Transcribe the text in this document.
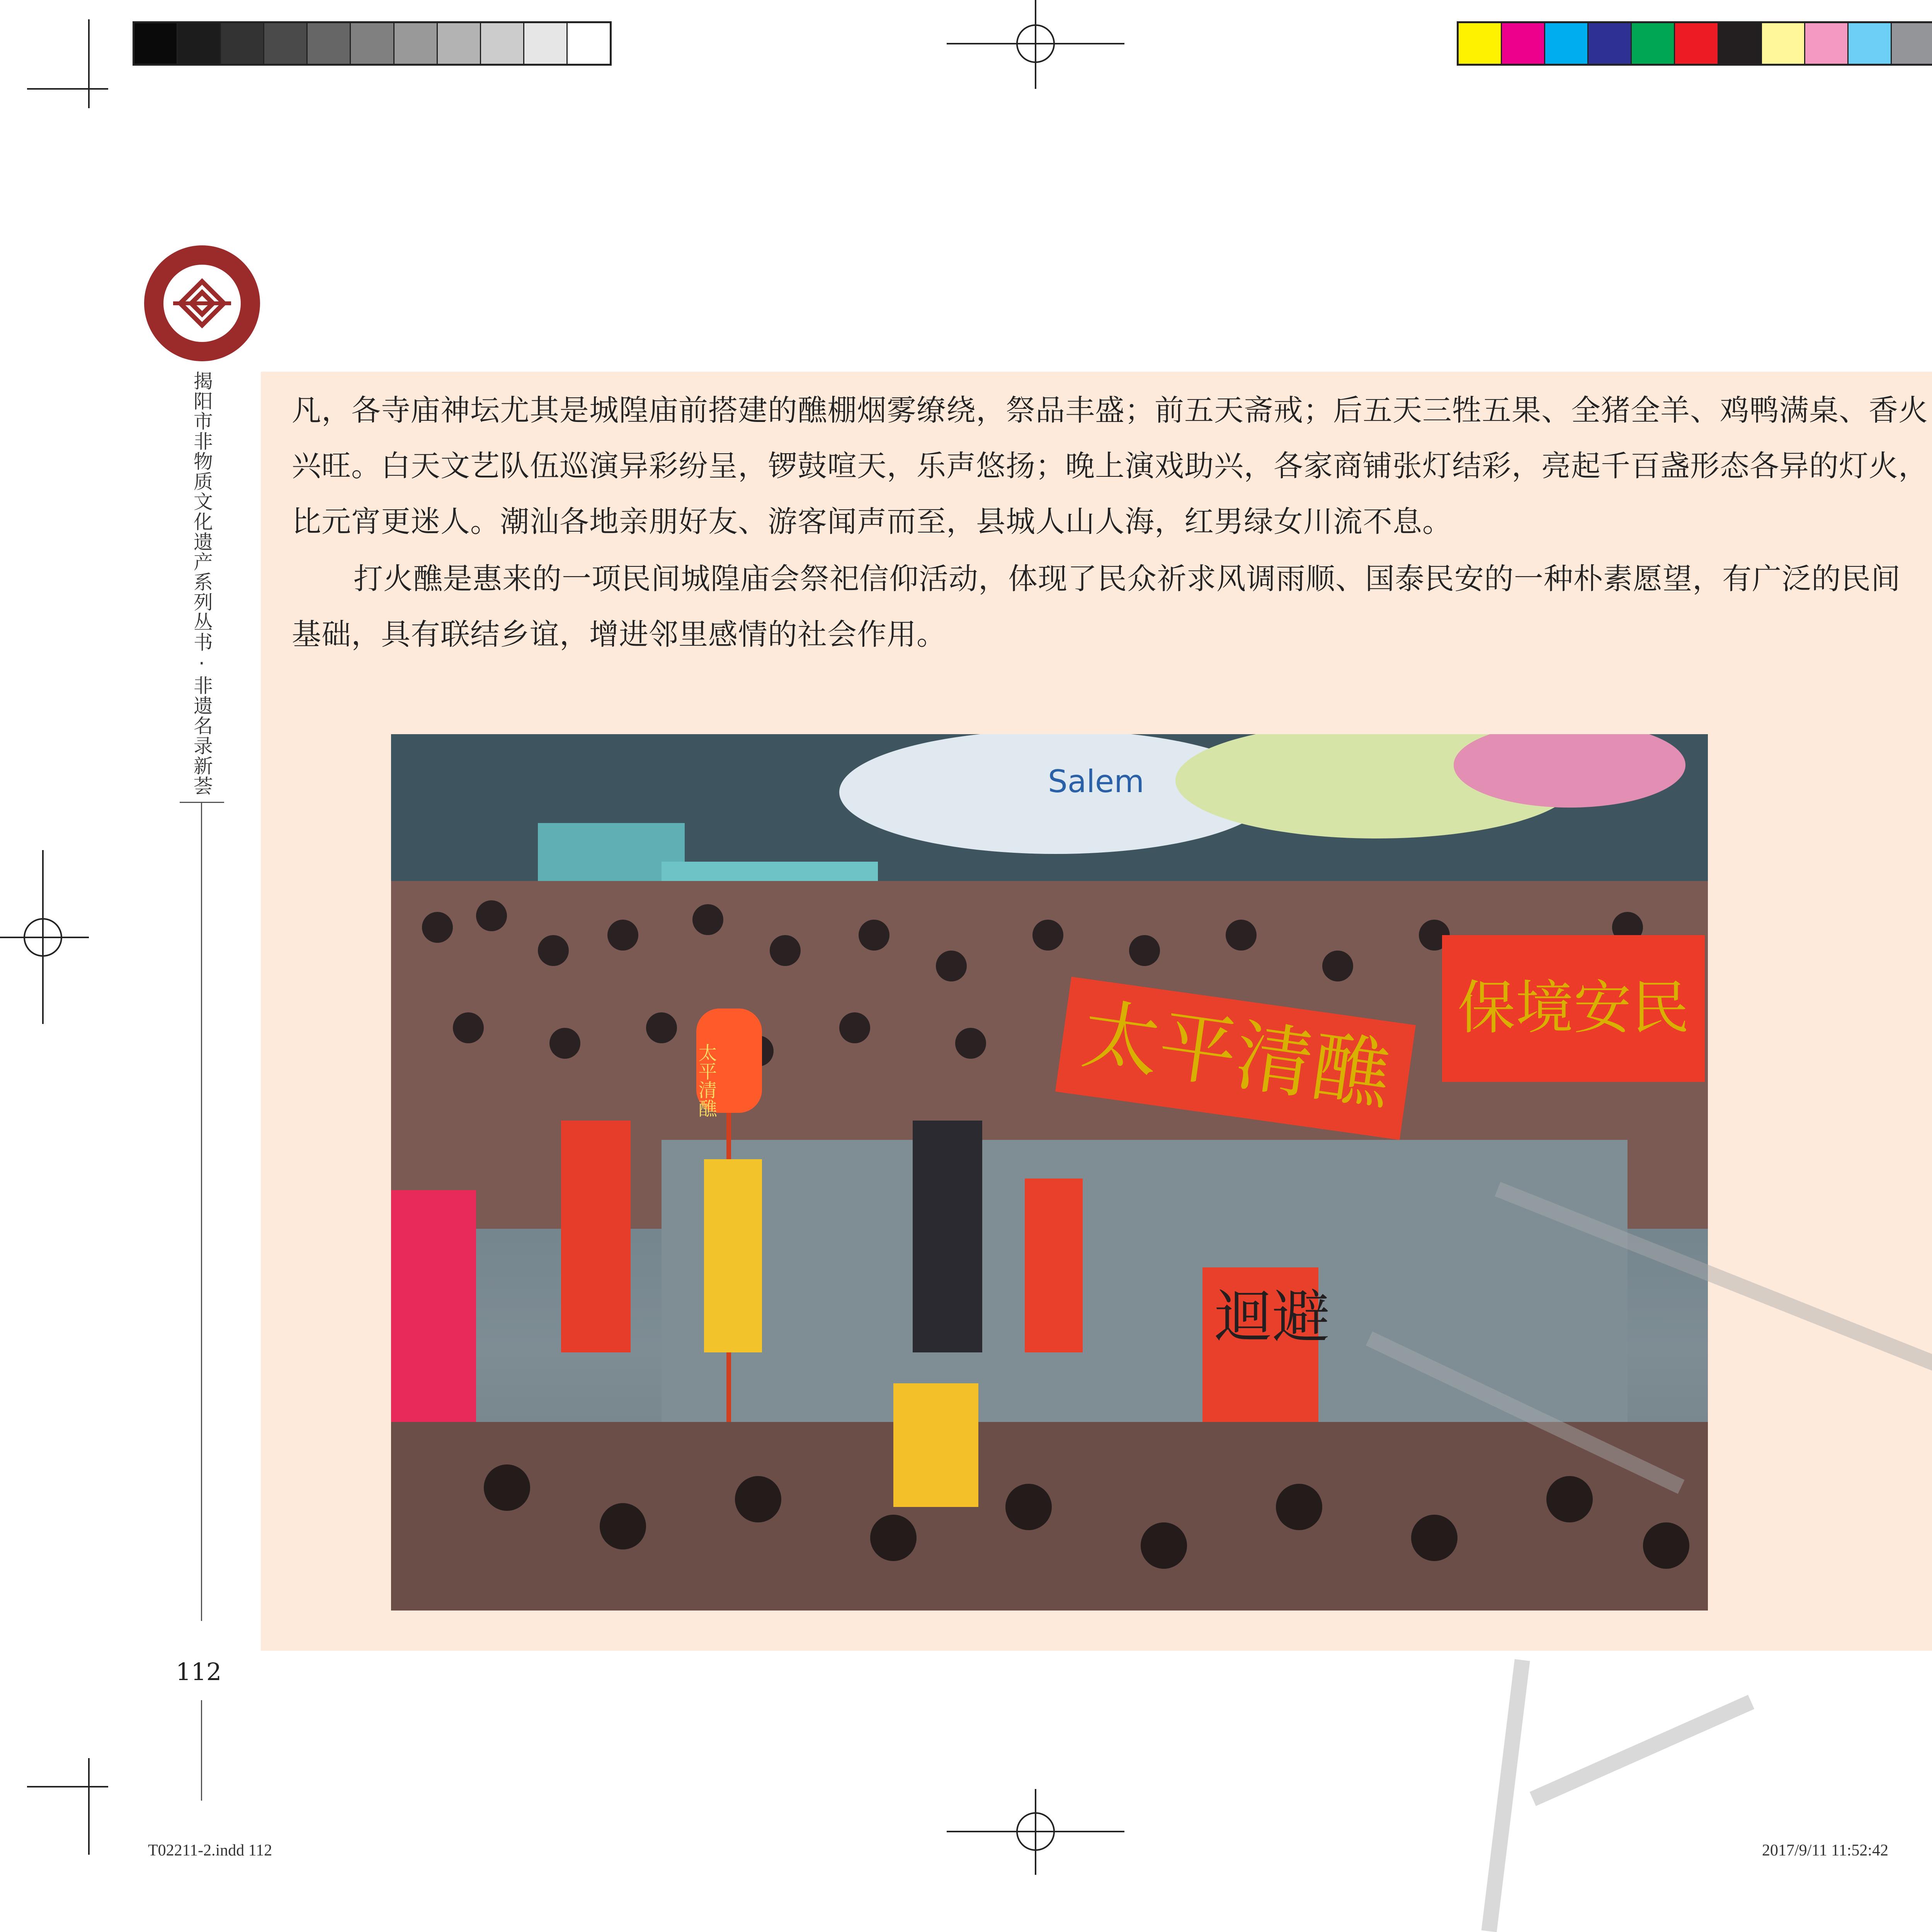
揭阳市非物质文化遗产系列丛书·非遗名录新荟
112
凡，各寺庙神坛尤其是城隍庙前搭建的醮棚烟雾缭绕，祭品丰盛；前五天斋戒；后五天三牲五果、全猪全羊、鸡鸭满桌、香火兴旺。白天文艺队伍巡演异彩纷呈，锣鼓喧天，乐声悠扬；晚上演戏助兴，各家商铺张灯结彩，亮起千百盏形态各异的灯火，比元宵更迷人。潮汕各地亲朋好友、游客闻声而至，县城人山人海，红男绿女川流不息。
打火醮是惠来的一项民间城隍庙会祭祀信仰活动，体现了民众祈求风调雨顺、国泰民安的一种朴素愿望，有广泛的民间基础，具有联结乡谊，增进邻里感情的社会作用。
Salem
太平清醮 保境安民
太平清醮
迴避
T02211-2.indd 112	2017/9/11 11:52:42
